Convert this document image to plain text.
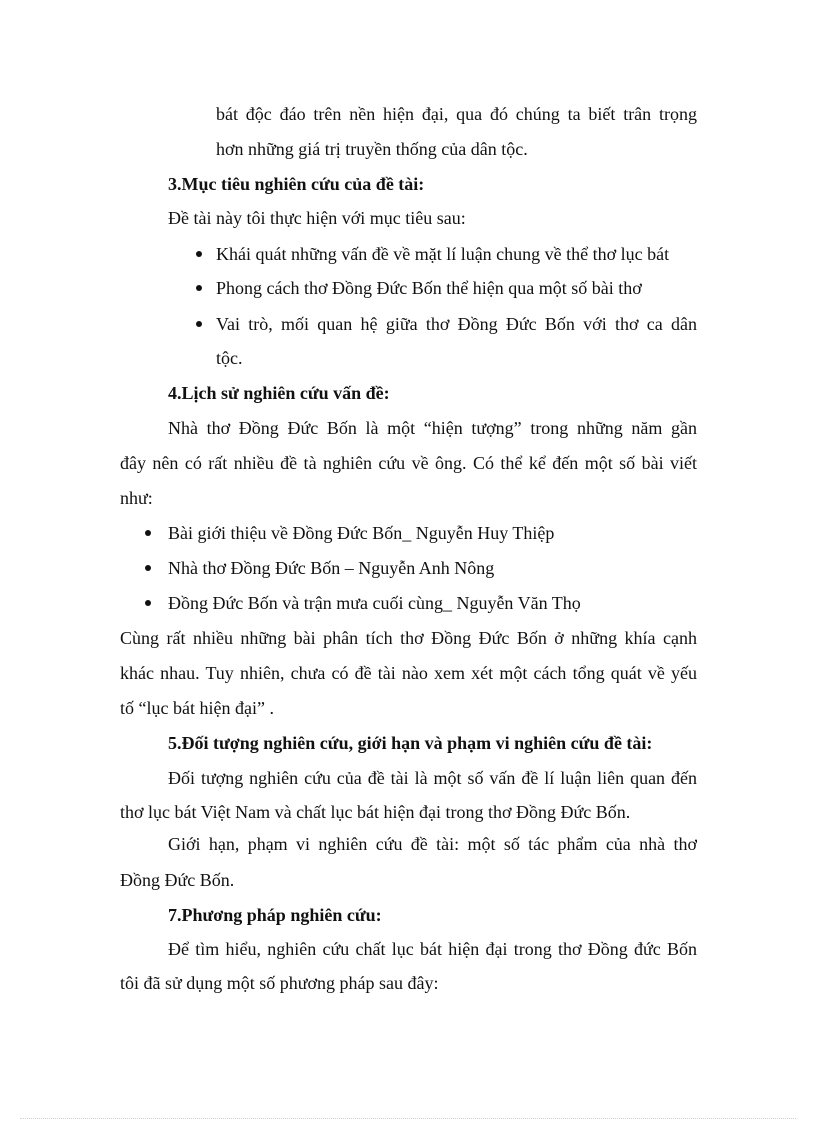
bát độc đáo trên nền hiện đại, qua đó chúng ta biết trân trọng

hơn những giá trị truyền thống của dân tộc.

3.Mục tiêu nghiên cứu của đề tài:

Đề tài này tôi thực hiện với mục tiêu sau:

Khái quát những vấn đề về mặt lí luận chung về thể thơ lục bát

Phong cách thơ Đồng Đức Bốn thể hiện qua một số bài thơ

Vai trò, mối quan hệ giữa thơ Đồng Đức Bốn với thơ ca dân

tộc.

4.Lịch sử nghiên cứu vấn đề:

Nhà thơ Đồng Đức Bốn là một “hiện tượng” trong những năm gần

đây nên có rất nhiều đề tà nghiên cứu về ông. Có thể kể đến một số bài viết

như:

Bài giới thiệu về Đồng Đức Bốn_ Nguyễn Huy Thiệp

Nhà thơ Đồng Đức Bốn – Nguyễn Anh Nông

Đồng Đức Bốn và trận mưa cuối cùng_ Nguyễn Văn Thọ

Cùng rất nhiều những bài phân tích thơ Đồng Đức Bốn ở những khía cạnh

khác nhau. Tuy nhiên, chưa có đề tài nào xem xét một cách tổng quát về yếu

tố “lục bát hiện đại” .

5.Đối tượng nghiên cứu, giới hạn và phạm vi nghiên cứu đề tài:

Đối tượng nghiên cứu của đề tài là một số vấn đề lí luận liên quan đến

thơ lục bát Việt Nam và chất lục bát hiện đại trong thơ Đồng Đức Bốn.

Giới hạn, phạm vi nghiên cứu đề tài: một số tác phẩm của nhà thơ

Đồng Đức Bốn.

7.Phương pháp nghiên cứu:

Để tìm hiểu, nghiên cứu chất lục bát hiện đại trong thơ Đồng đức Bốn

tôi đã sử dụng một số phương pháp sau đây:
